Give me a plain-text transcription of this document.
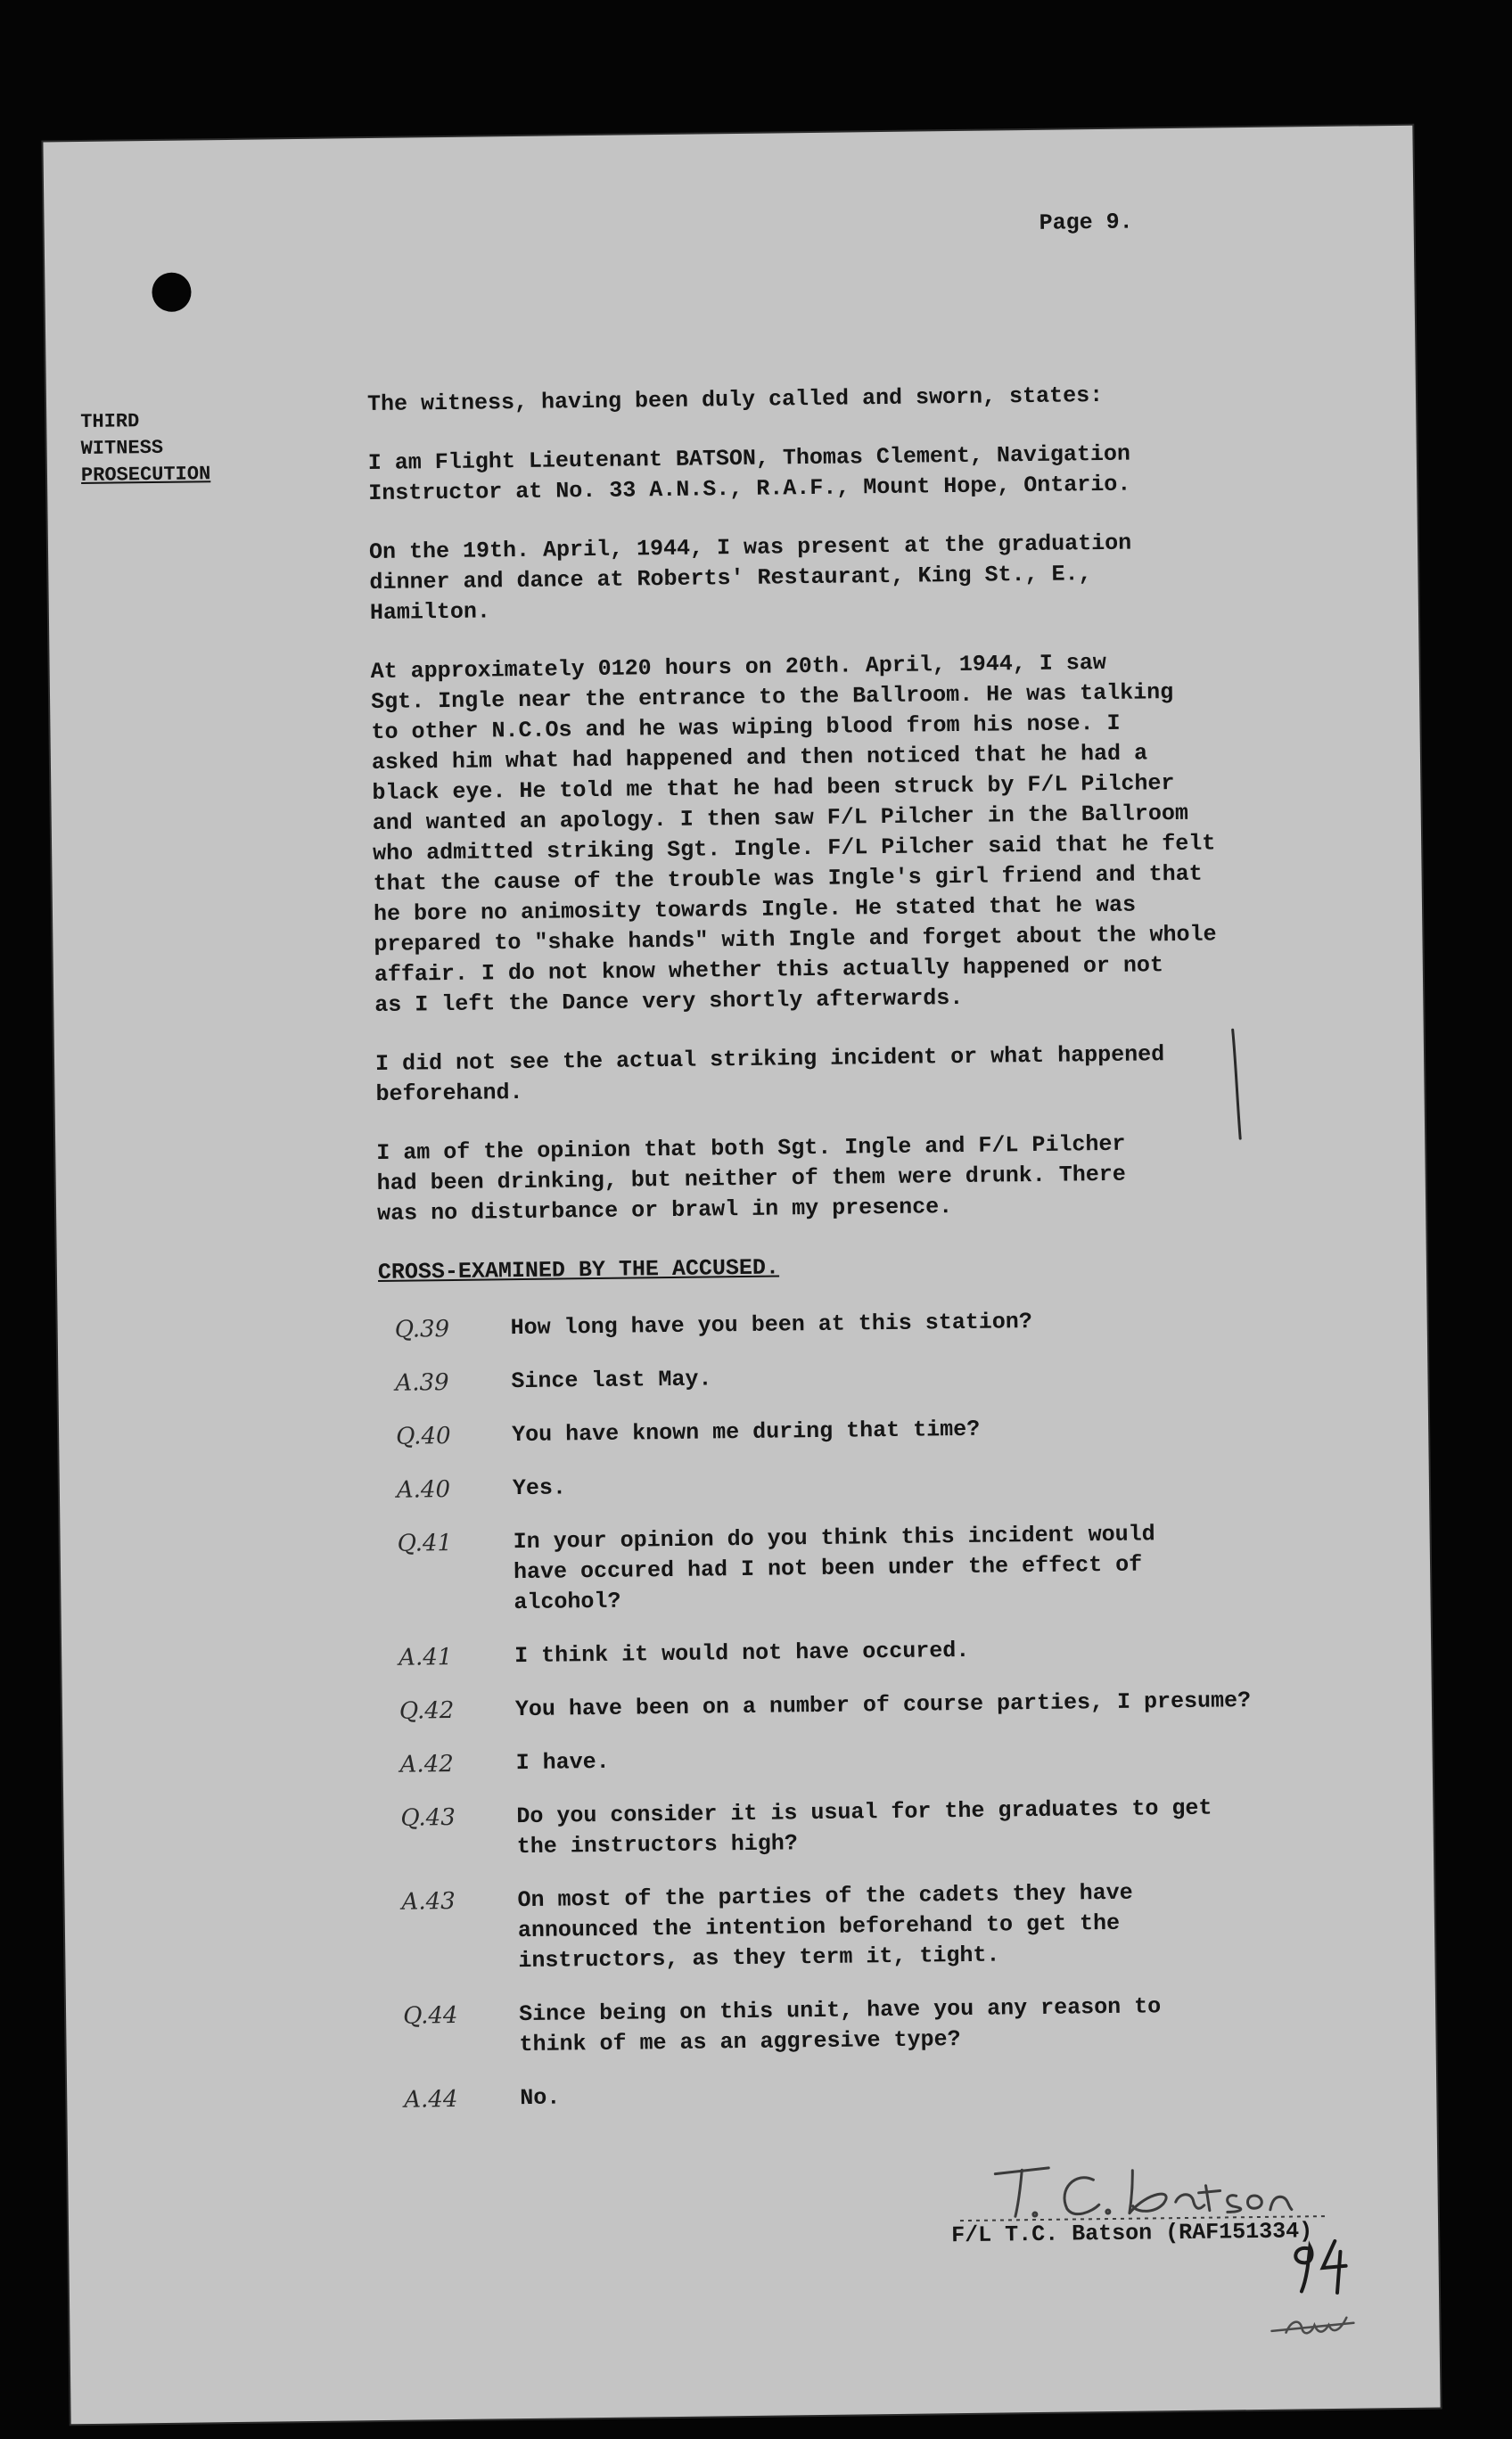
Page 9.
THIRD
WITNESS
PROSECUTION

The witness, having been duly called and sworn, states:

I am Flight Lieutenant BATSON, Thomas Clement, Navigation
Instructor at No. 33 A.N.S., R.A.F., Mount Hope, Ontario.

On the 19th. April, 1944, I was present at the graduation
dinner and dance at Roberts' Restaurant, King St., E.,
Hamilton.

At approximately 0120 hours on 20th. April, 1944, I saw
Sgt. Ingle near the entrance to the Ballroom. He was talking
to other N.C.Os and he was wiping blood from his nose. I
asked him what had happened and then noticed that he had a
black eye. He told me that he had been struck by F/L Pilcher
and wanted an apology. I then saw F/L Pilcher in the Ballroom
who admitted striking Sgt. Ingle. F/L Pilcher said that he felt
that the cause of the trouble was Ingle's girl friend and that
he bore no animosity towards Ingle. He stated that he was
prepared to "shake hands" with Ingle and forget about the whole
affair. I do not know whether this actually happened or not
as I left the Dance very shortly afterwards.

I did not see the actual striking incident or what happened
beforehand.

I am of the opinion that both Sgt. Ingle and F/L Pilcher
had been drinking, but neither of them were drunk. There
was no disturbance or brawl in my presence.

CROSS-EXAMINED BY THE ACCUSED.
Q.39	How long have you been at this station?
A.39	Since last May.
Q.40	You have known me during that time?
A.40	Yes.
Q.41	In your opinion do you think this incident would
have occured had I not been under the effect of
alcohol?
A.41	I think it would not have occured.
Q.42	You have been on a number of course parties, I presume?
A.42	I have.
Q.43	Do you consider it is usual for the graduates to get
the instructors high?
A.43	On most of the parties of the cadets they have
announced the intention beforehand to get the
instructors, as they term it, tight.
Q.44	Since being on this unit, have you any reason to
think of me as an aggresive type?
A.44	No.
F/L T.C. Batson (RAF151334)
